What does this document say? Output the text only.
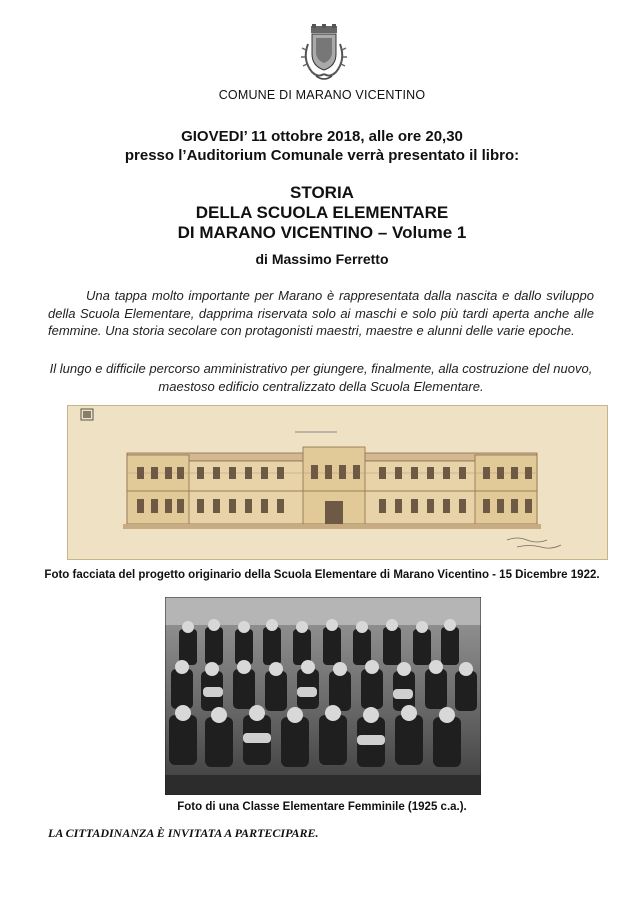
COMUNE DI MARANO VICENTINO
GIOVEDI’ 11 ottobre 2018, alle ore 20,30
presso l’Auditorium Comunale verrà presentato il libro:
STORIA
DELLA SCUOLA ELEMENTARE
DI MARANO VICENTINO – Volume 1
di Massimo Ferretto
Una tappa molto importante per Marano è rappresentata dalla nascita e dallo sviluppo della Scuola Elementare, dapprima riservata solo ai maschi e solo più tardi aperta anche alle femmine. Una storia secolare con protagonisti maestri, maestre e alunni delle varie epoche.
Il lungo e difficile percorso amministrativo per giungere, finalmente, alla costruzione del nuovo, maestoso edificio centralizzato della Scuola Elementare.
Foto facciata del progetto originario della Scuola Elementare di Marano Vicentino - 15 Dicembre 1922.
Foto di una Classe Elementare Femminile (1925 c.a.).
LA CITTADINANZA È INVITATA A PARTECIPARE.
